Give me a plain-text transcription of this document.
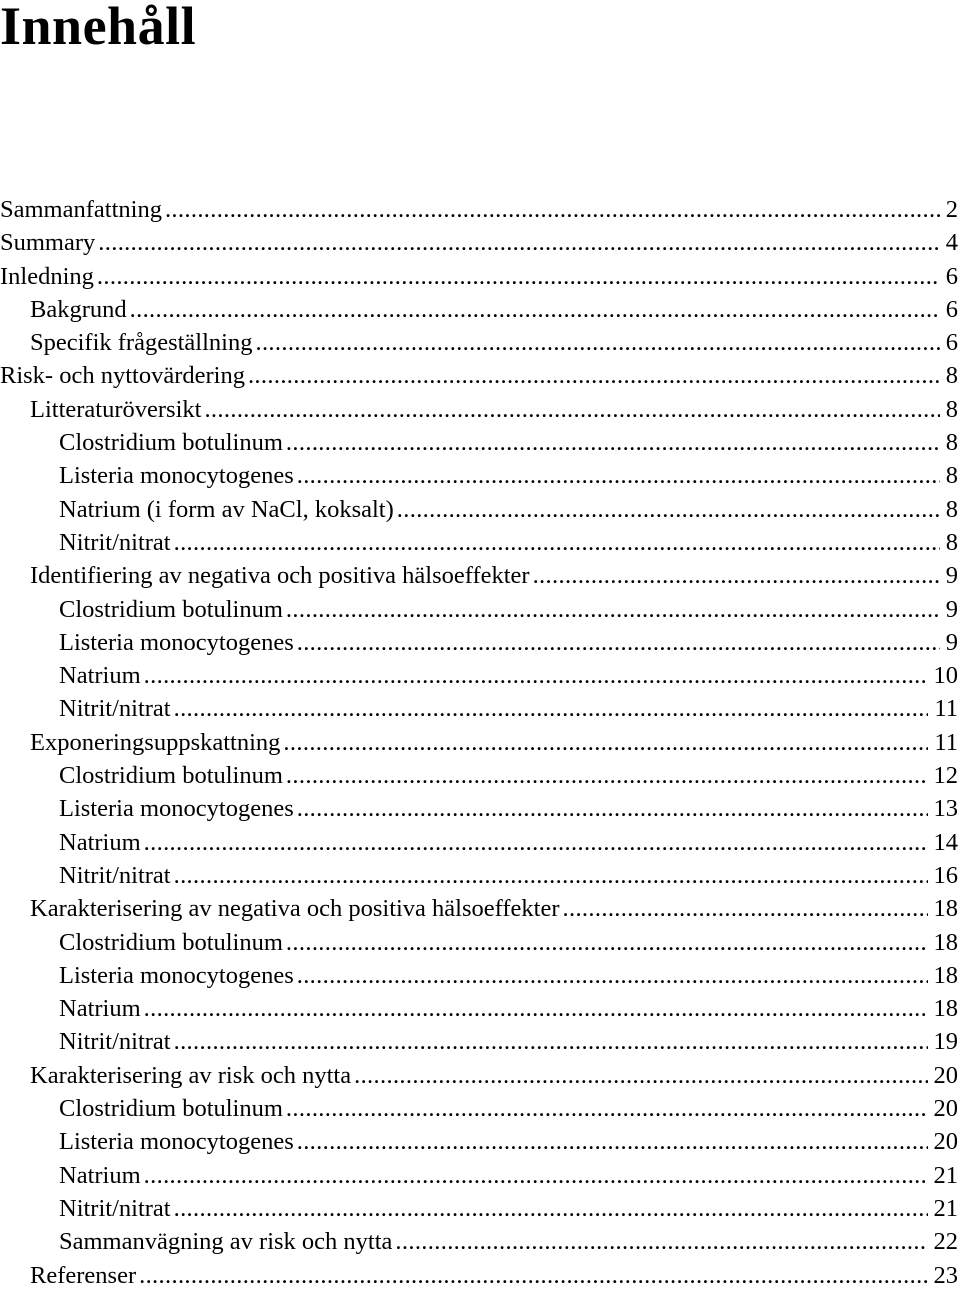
Innehåll
Sammanfattning .....	2
Summary .....	4
Inledning .....	6
Bakgrund .....	6
Specifik frågeställning .....	6
Risk- och nyttovärdering .....	8
Litteraturöversikt .....	8
Clostridium botulinum .....	8
Listeria monocytogenes .....	8
Natrium (i form av NaCl, koksalt) .....	8
Nitrit/nitrat .....	8
Identifiering av negativa och positiva hälsoeffekter .....	9
Clostridium botulinum .....	9
Listeria monocytogenes .....	9
Natrium .....	10
Nitrit/nitrat .....	11
Exponeringsuppskattning .....	11
Clostridium botulinum .....	12
Listeria monocytogenes .....	13
Natrium .....	14
Nitrit/nitrat .....	16
Karakterisering av negativa och positiva hälsoeffekter .....	18
Clostridium botulinum .....	18
Listeria monocytogenes .....	18
Natrium .....	18
Nitrit/nitrat .....	19
Karakterisering av risk och nytta .....	20
Clostridium botulinum .....	20
Listeria monocytogenes .....	20
Natrium .....	21
Nitrit/nitrat .....	21
Sammanvägning av risk och nytta .....	22
Referenser .....	23
